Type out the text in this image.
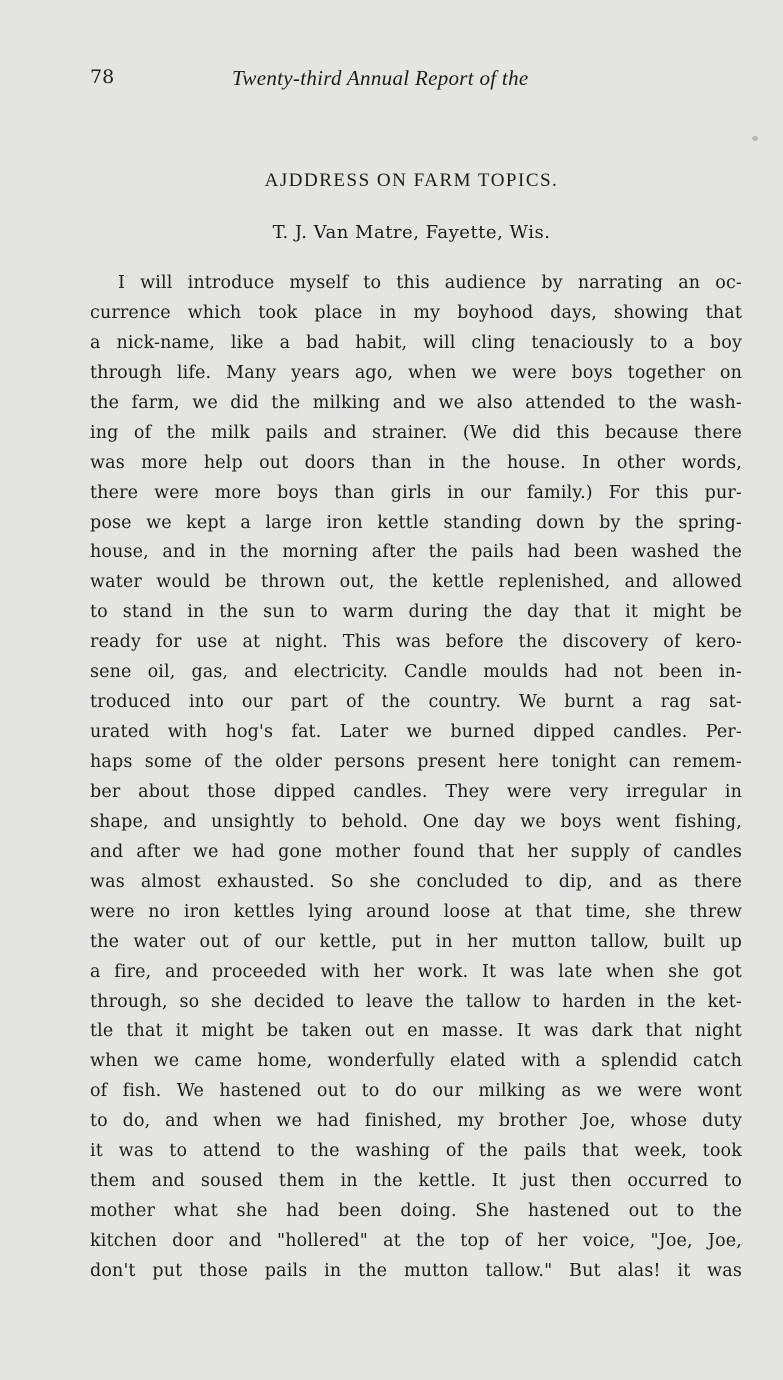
78	Twenty-third Annual Report of the
AJDDRESS ON FARM TOPICS.
T. J. Van Matre, Fayette, Wis.
I will introduce myself to this audience by narrating an oc-
currence which took place in my boyhood days, showing that
a nick-name, like a bad habit, will cling tenaciously to a boy
through life. Many years ago, when we were boys together on
the farm, we did the milking and we also attended to the wash-
ing of the milk pails and strainer. (We did this because there
was more help out doors than in the house. In other words,
there were more boys than girls in our family.) For this pur-
pose we kept a large iron kettle standing down by the spring-
house, and in the morning after the pails had been washed the
water would be thrown out, the kettle replenished, and allowed
to stand in the sun to warm during the day that it might be
ready for use at night. This was before the discovery of kero-
sene oil, gas, and electricity. Candle moulds had not been in-
troduced into our part of the country. We burnt a rag sat-
urated with hog's fat. Later we burned dipped candles. Per-
haps some of the older persons present here tonight can remem-
ber about those dipped candles. They were very irregular in
shape, and unsightly to behold. One day we boys went fishing,
and after we had gone mother found that her supply of candles
was almost exhausted. So she concluded to dip, and as there
were no iron kettles lying around loose at that time, she threw
the water out of our kettle, put in her mutton tallow, built up
a fire, and proceeded with her work. It was late when she got
through, so she decided to leave the tallow to harden in the ket-
tle that it might be taken out en masse. It was dark that night
when we came home, wonderfully elated with a splendid catch
of fish. We hastened out to do our milking as we were wont
to do, and when we had finished, my brother Joe, whose duty
it was to attend to the washing of the pails that week, took
them and soused them in the kettle. It just then occurred to
mother what she had been doing. She hastened out to the
kitchen door and "hollered" at the top of her voice, "Joe, Joe,
don't put those pails in the mutton tallow." But alas! it was
